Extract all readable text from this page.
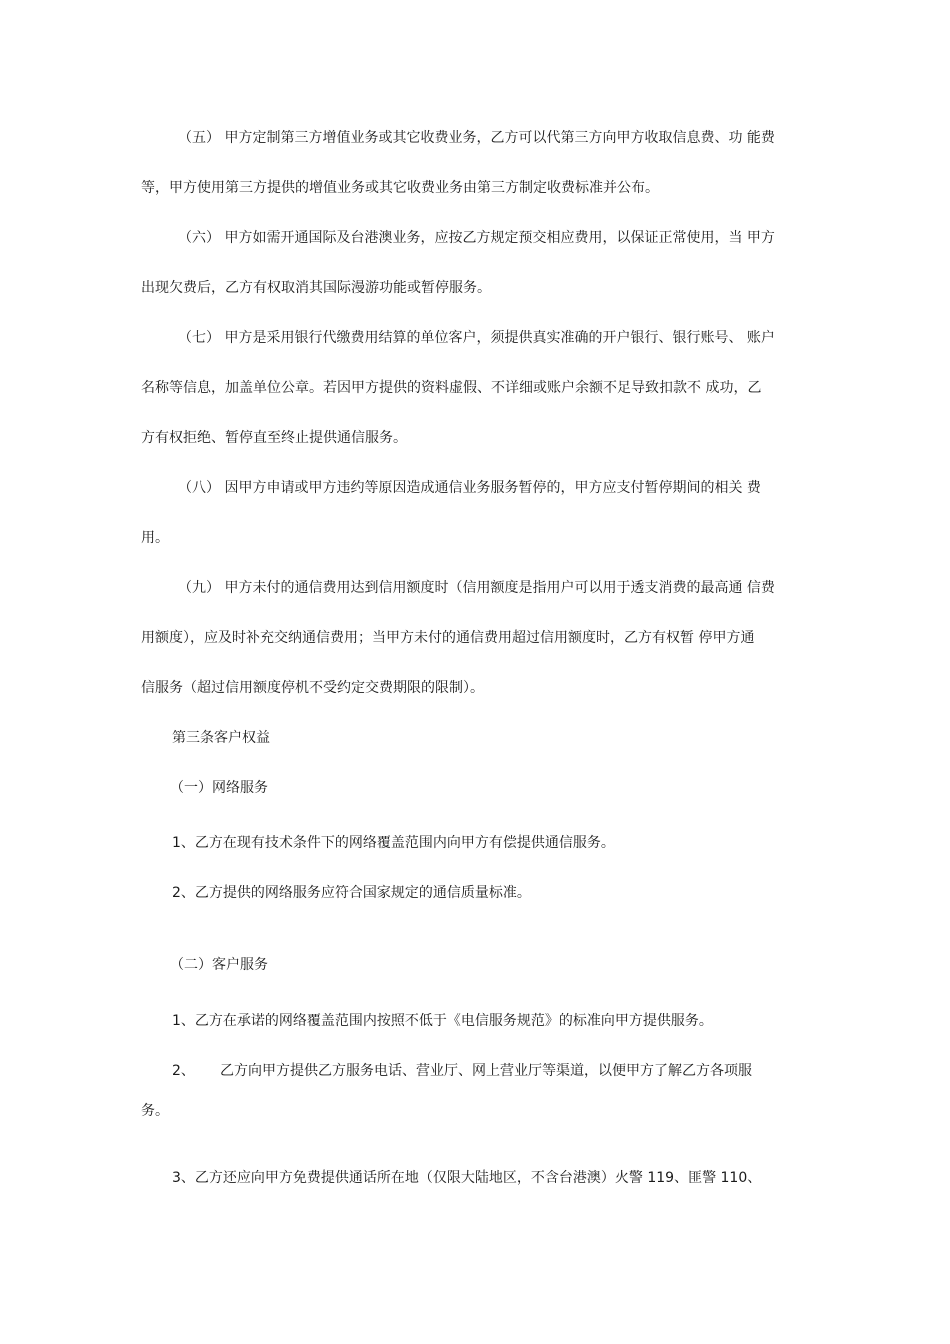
（五） 甲方定制第三方增值业务或其它收费业务，乙方可以代第三方向甲方收取信息费、功 能费
等，甲方使用第三方提供的增值业务或其它收费业务由第三方制定收费标准并公布。
（六） 甲方如需开通国际及台港澳业务，应按乙方规定预交相应费用，以保证正常使用，当 甲方
出现欠费后，乙方有权取消其国际漫游功能或暂停服务。
（七） 甲方是采用银行代缴费用结算的单位客户，须提供真实准确的开户银行、银行账号、 账户
名称等信息，加盖单位公章。若因甲方提供的资料虚假、不详细或账户余额不足导致扣款不 成功，乙
方有权拒绝、暂停直至终止提供通信服务。
（八） 因甲方申请或甲方违约等原因造成通信业务服务暂停的，甲方应支付暂停期间的相关 费
用。
（九） 甲方未付的通信费用达到信用额度时（信用额度是指用户可以用于透支消费的最高通 信费
用额度），应及时补充交纳通信费用；当甲方未付的通信费用超过信用额度时，乙方有权暂 停甲方通
信服务（超过信用额度停机不受约定交费期限的限制）。
第三条客户权益
（一）网络服务
1、乙方在现有技术条件下的网络覆盖范围内向甲方有偿提供通信服务。
2、乙方提供的网络服务应符合国家规定的通信质量标准。
（二）客户服务
1、乙方在承诺的网络覆盖范围内按照不低于《电信服务规范》的标准向甲方提供服务。
2、 乙方向甲方提供乙方服务电话、营业厅、网上营业厅等渠道，以便甲方了解乙方各项服
务。
3、乙方还应向甲方免费提供通话所在地（仅限大陆地区，不含台港澳）火警 119、匪警 110、
